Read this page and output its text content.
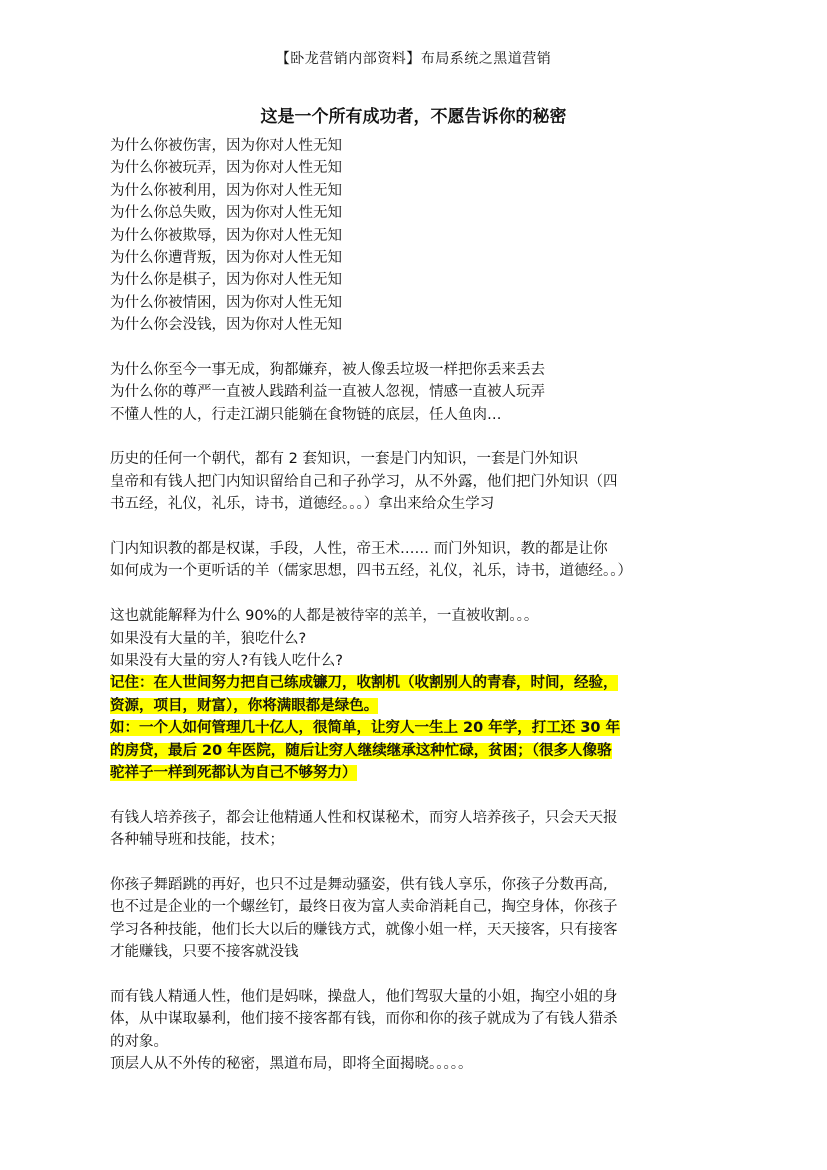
【卧龙营销内部资料】布局系统之黑道营销
这是一个所有成功者，不愿告诉你的秘密
为什么你被伤害，因为你对人性无知
为什么你被玩弄，因为你对人性无知
为什么你被利用，因为你对人性无知
为什么你总失败，因为你对人性无知
为什么你被欺辱，因为你对人性无知
为什么你遭背叛，因为你对人性无知
为什么你是棋子，因为你对人性无知
为什么你被情困，因为你对人性无知
为什么你会没钱，因为你对人性无知
为什么你至今一事无成，狗都嫌弃，被人像丢垃圾一样把你丢来丢去
为什么你的尊严一直被人践踏利益一直被人忽视，情感一直被人玩弄
不懂人性的人，行走江湖只能躺在食物链的底层，任人鱼肉…
历史的任何一个朝代，都有 2 套知识，一套是门内知识，一套是门外知识
皇帝和有钱人把门内知识留给自己和子孙学习，从不外露，他们把门外知识（四
书五经，礼仪，礼乐，诗书，道德经。。。）拿出来给众生学习
门内知识教的都是权谋，手段，人性，帝王术…… 而门外知识，教的都是让你
如何成为一个更听话的羊（儒家思想，四书五经，礼仪，礼乐，诗书，道德经。。）
这也就能解释为什么 90%的人都是被待宰的羔羊，一直被收割。。。
如果没有大量的羊，狼吃什么?
如果没有大量的穷人?有钱人吃什么?
记住：在人世间努力把自己练成镰刀，收割机（收割别人的青春，时间，经验，
资源，项目，财富），你将满眼都是绿色。
如：一个人如何管理几十亿人，很简单，让穷人一生上 20 年学，打工还 30 年
的房贷，最后 20 年医院，随后让穷人继续继承这种忙碌，贫困；（很多人像骆
驼祥子一样到死都认为自己不够努力）
有钱人培养孩子，都会让他精通人性和权谋秘术，而穷人培养孩子，只会天天报
各种辅导班和技能，技术；
你孩子舞蹈跳的再好，也只不过是舞动骚姿，供有钱人享乐，你孩子分数再高,
也不过是企业的一个螺丝钉，最终日夜为富人卖命消耗自己，掏空身体，你孩子
学习各种技能，他们长大以后的赚钱方式，就像小姐一样，天天接客，只有接客
才能赚钱，只要不接客就没钱
而有钱人精通人性，他们是妈咪，操盘人，他们驾驭大量的小姐，掏空小姐的身
体，从中谋取暴利，他们接不接客都有钱，而你和你的孩子就成为了有钱人猎杀
的对象。
顶层人从不外传的秘密，黑道布局，即将全面揭晓。。。。。
